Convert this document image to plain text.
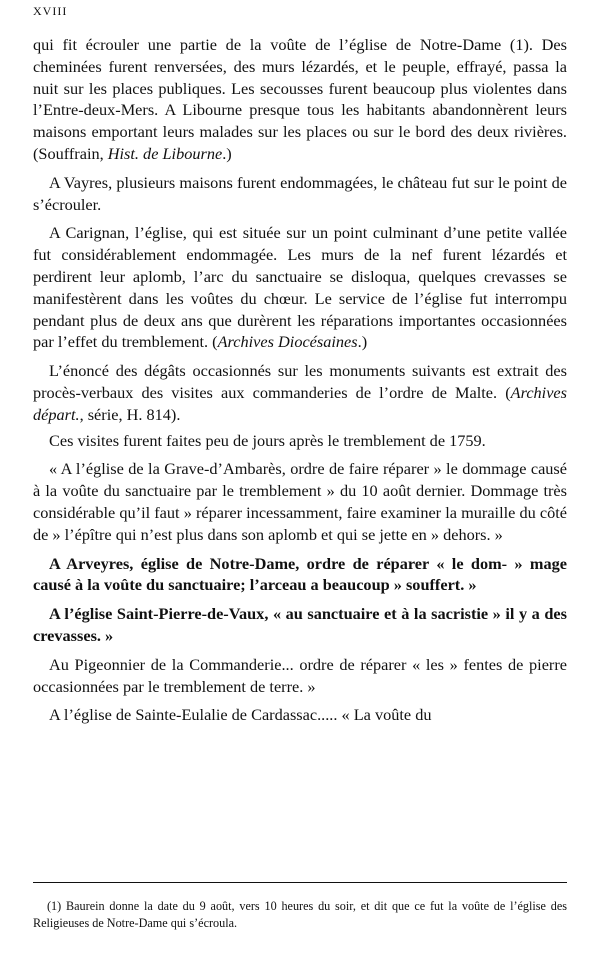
XVIII

qui fit écrouler une partie de la voûte de l’église de Notre-Dame (1). Des cheminées furent renversées, des murs lézardés, et le peuple, effrayé, passa la nuit sur les places publiques. Les secousses furent beaucoup plus violentes dans l’Entre-deux-Mers. A Libourne presque tous les habitants abandonnèrent leurs maisons emportant leurs malades sur les places ou sur le bord des deux rivières. (Souffrain, Hist. de Libourne.)

A Vayres, plusieurs maisons furent endommagées, le château fut sur le point de s’écrouler.

A Carignan, l’église, qui est située sur un point culminant d’une petite vallée fut considérablement endommagée. Les murs de la nef furent lézardés et perdirent leur aplomb, l’arc du sanctuaire se disloqua, quelques crevasses se manifestèrent dans les voûtes du chœur. Le service de l’église fut interrompu pendant plus de deux ans que durèrent les réparations importantes occasionnées par l’effet du tremblement. (Archives Diocésaines.)

L’énoncé des dégâts occasionnés sur les monuments suivants est extrait des procès-verbaux des visites aux commanderies de l’ordre de Malte. (Archives départ., série, H. 814).

Ces visites furent faites peu de jours après le tremblement de 1759.

« A l’église de la Grave-d’Ambarès, ordre de faire réparer » le dommage causé à la voûte du sanctuaire par le tremblement » du 10 août dernier. Dommage très considérable qu’il faut » réparer incessamment, faire examiner la muraille du côté de » l’épître qui n’est plus dans son aplomb et qui se jette en » dehors. »

A Arveyres, église de Notre-Dame, ordre de réparer « le dom- » mage causé à la voûte du sanctuaire; l’arceau a beaucoup » souffert. »

A l’église Saint-Pierre-de-Vaux, « au sanctuaire et à la sacristie » il y a des crevasses. »

Au Pigeonnier de la Commanderie... ordre de réparer « les » fentes de pierre occasionnées par le tremblement de terre. »

A l’église de Sainte-Eulalie de Cardassac..... « La voûte du

(1) Baurein donne la date du 9 août, vers 10 heures du soir, et dit que ce fut la voûte de l’église des Religieuses de Notre-Dame qui s’écroula.
